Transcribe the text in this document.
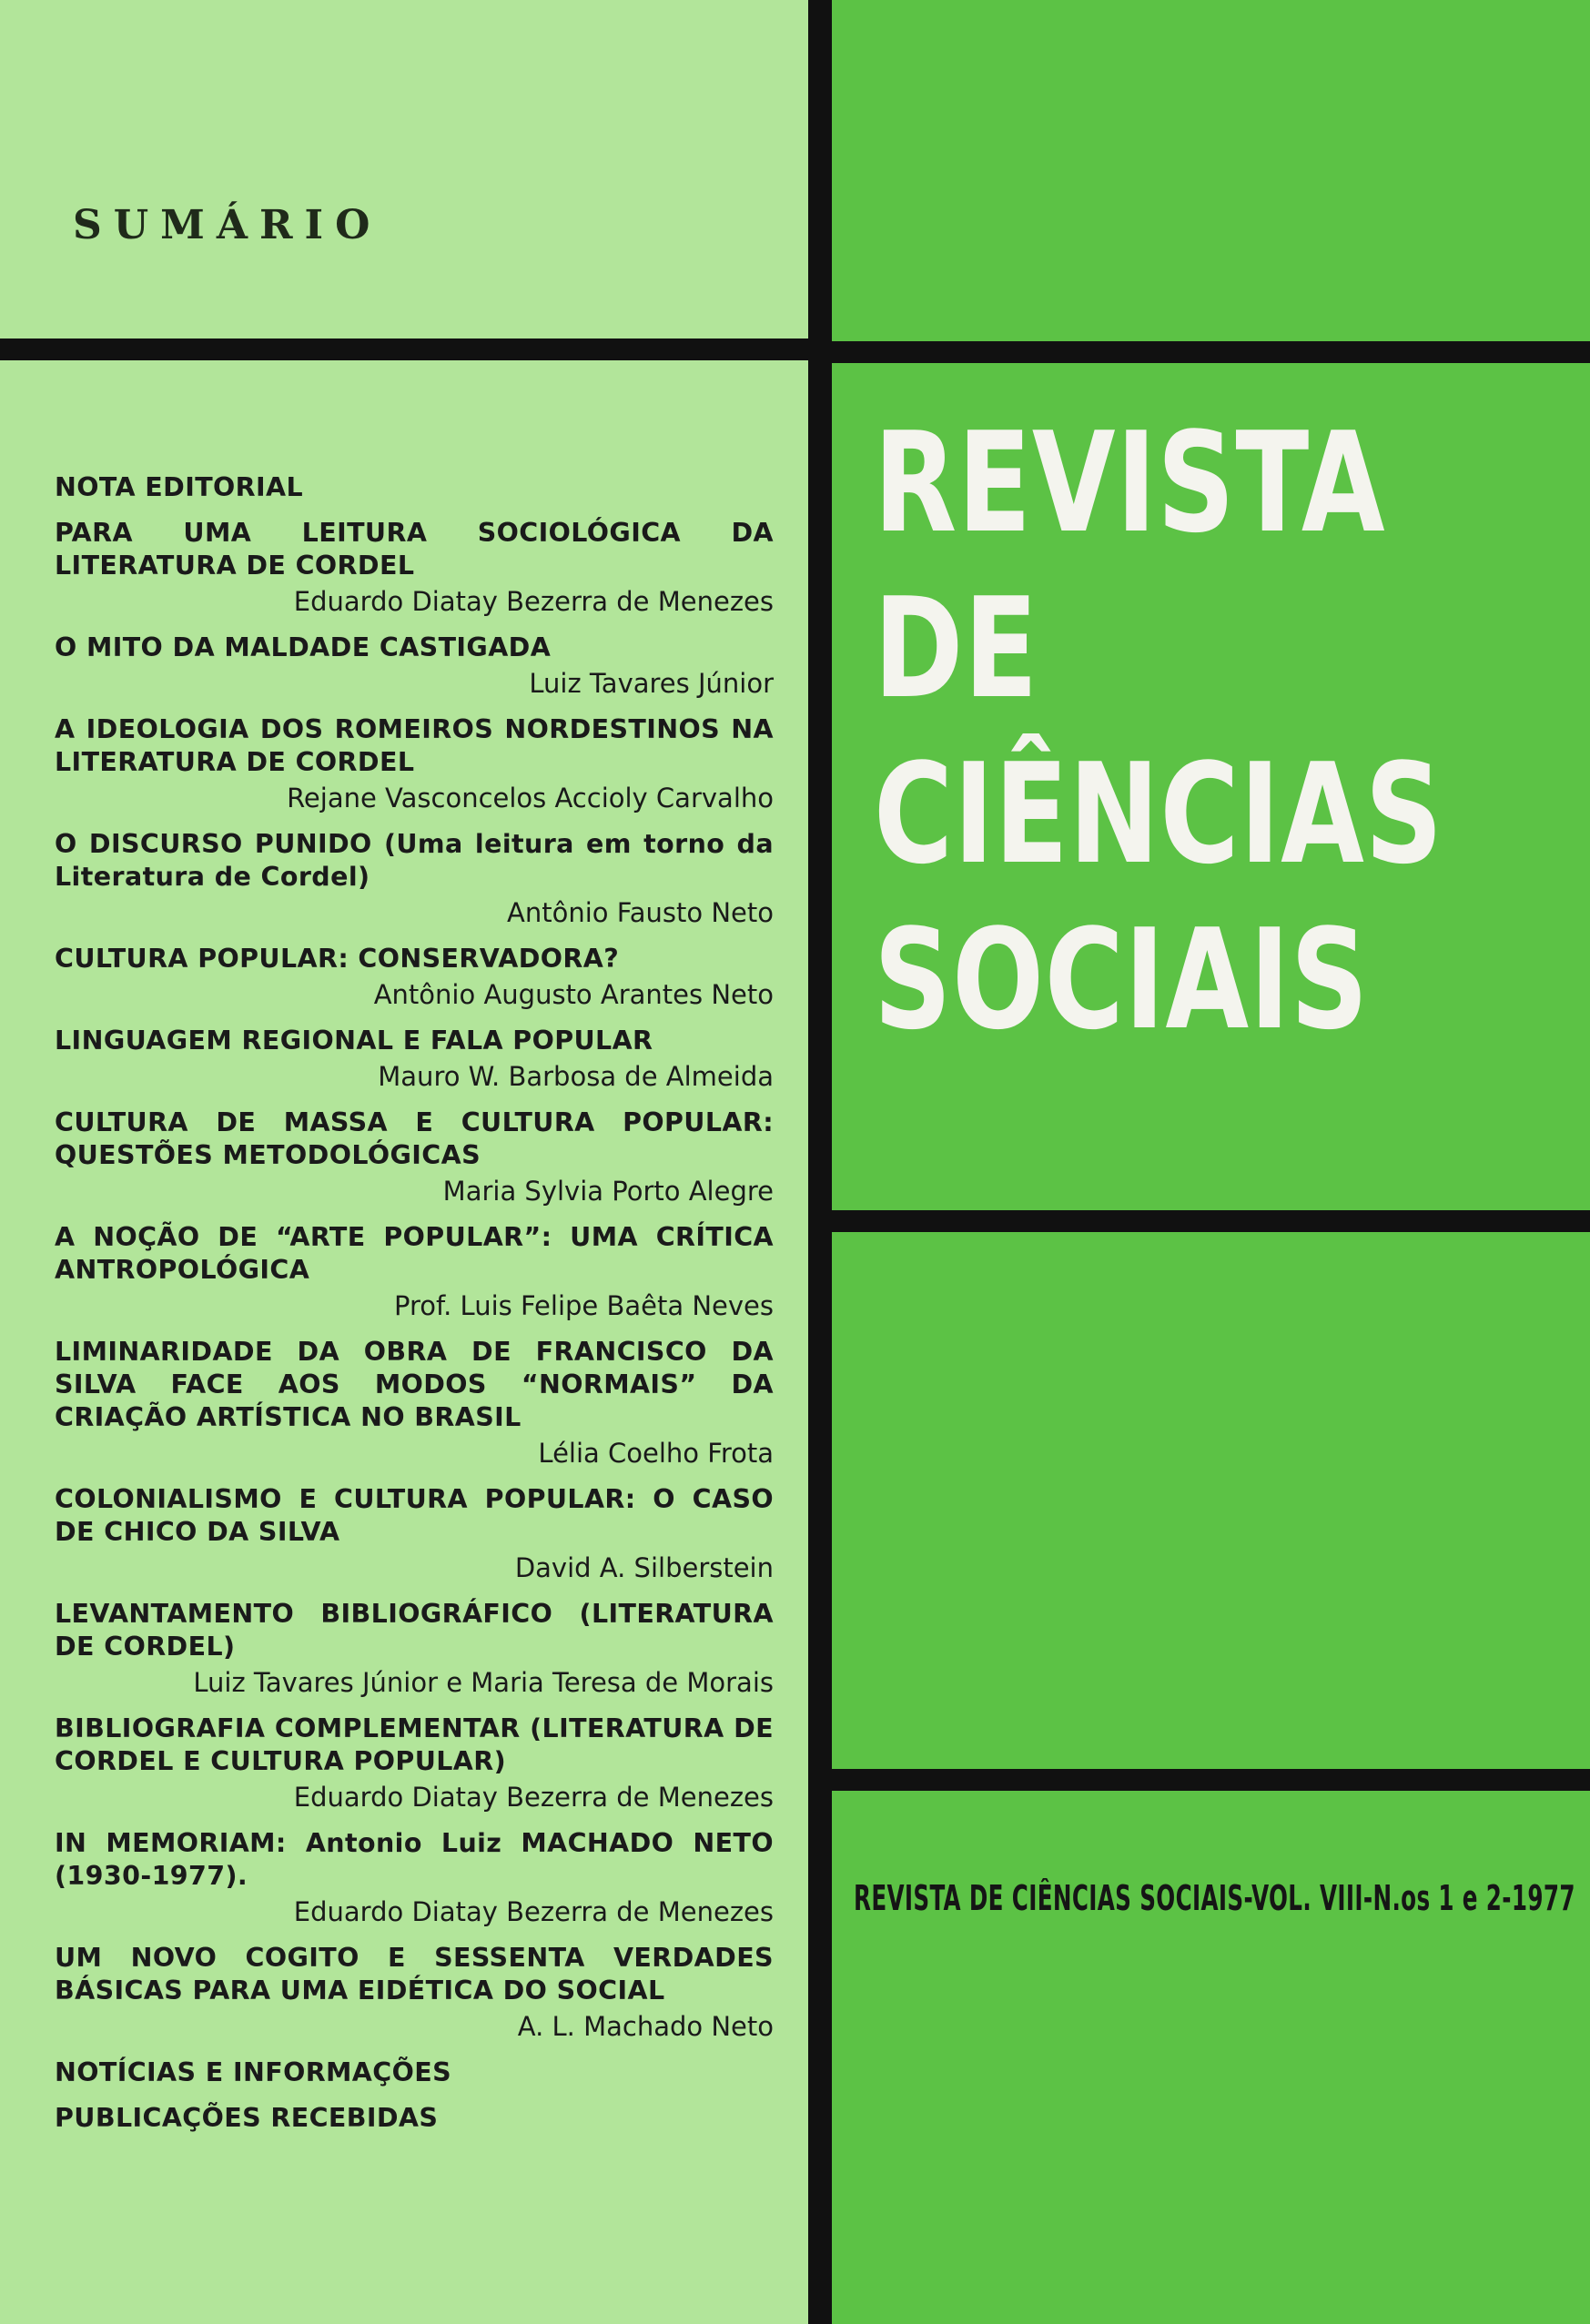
SUMÁRIO
NOTA EDITORIAL
PARA UMA LEITURA SOCIOLÓGICA DA LITERATURA DE CORDEL
Eduardo Diatay Bezerra de Menezes
O MITO DA MALDADE CASTIGADA
Luiz Tavares Júnior
A IDEOLOGIA DOS ROMEIROS NORDESTINOS NA LITERATURA DE CORDEL
Rejane Vasconcelos Accioly Carvalho
O DISCURSO PUNIDO (Uma leitura em torno da Literatura de Cordel)
Antônio Fausto Neto
CULTURA POPULAR: CONSERVADORA?
Antônio Augusto Arantes Neto
LINGUAGEM REGIONAL E FALA POPULAR
Mauro W. Barbosa de Almeida
CULTURA DE MASSA E CULTURA POPULAR: QUESTÕES METODOLÓGICAS
Maria Sylvia Porto Alegre
A NOÇÃO DE “ARTE POPULAR”: UMA CRÍTICA ANTROPOLÓGICA
Prof. Luis Felipe Baêta Neves
LIMINARIDADE DA OBRA DE FRANCISCO DA SILVA FACE AOS MODOS “NORMAIS” DA CRIAÇÃO ARTÍSTICA NO BRASIL
Lélia Coelho Frota
COLONIALISMO E CULTURA POPULAR: O CASO DE CHICO DA SILVA
David A. Silberstein
LEVANTAMENTO BIBLIOGRÁFICO (LITERATURA DE CORDEL)
Luiz Tavares Júnior e Maria Teresa de Morais
BIBLIOGRAFIA COMPLEMENTAR (LITERATURA DE CORDEL E CULTURA POPULAR)
Eduardo Diatay Bezerra de Menezes
IN MEMORIAM: Antonio Luiz MACHADO NETO (1930-1977).
Eduardo Diatay Bezerra de Menezes
UM NOVO COGITO E SESSENTA VERDADES BÁSICAS PARA UMA EIDÉTICA DO SOCIAL
A. L. Machado Neto
NOTÍCIAS E INFORMAÇÕES
PUBLICAÇÕES RECEBIDAS
REVISTA
DE
CIÊNCIAS
SOCIAIS
REVISTA DE CIÊNCIAS SOCIAIS-VOL. VIII-N.os 1 e 2-1977
